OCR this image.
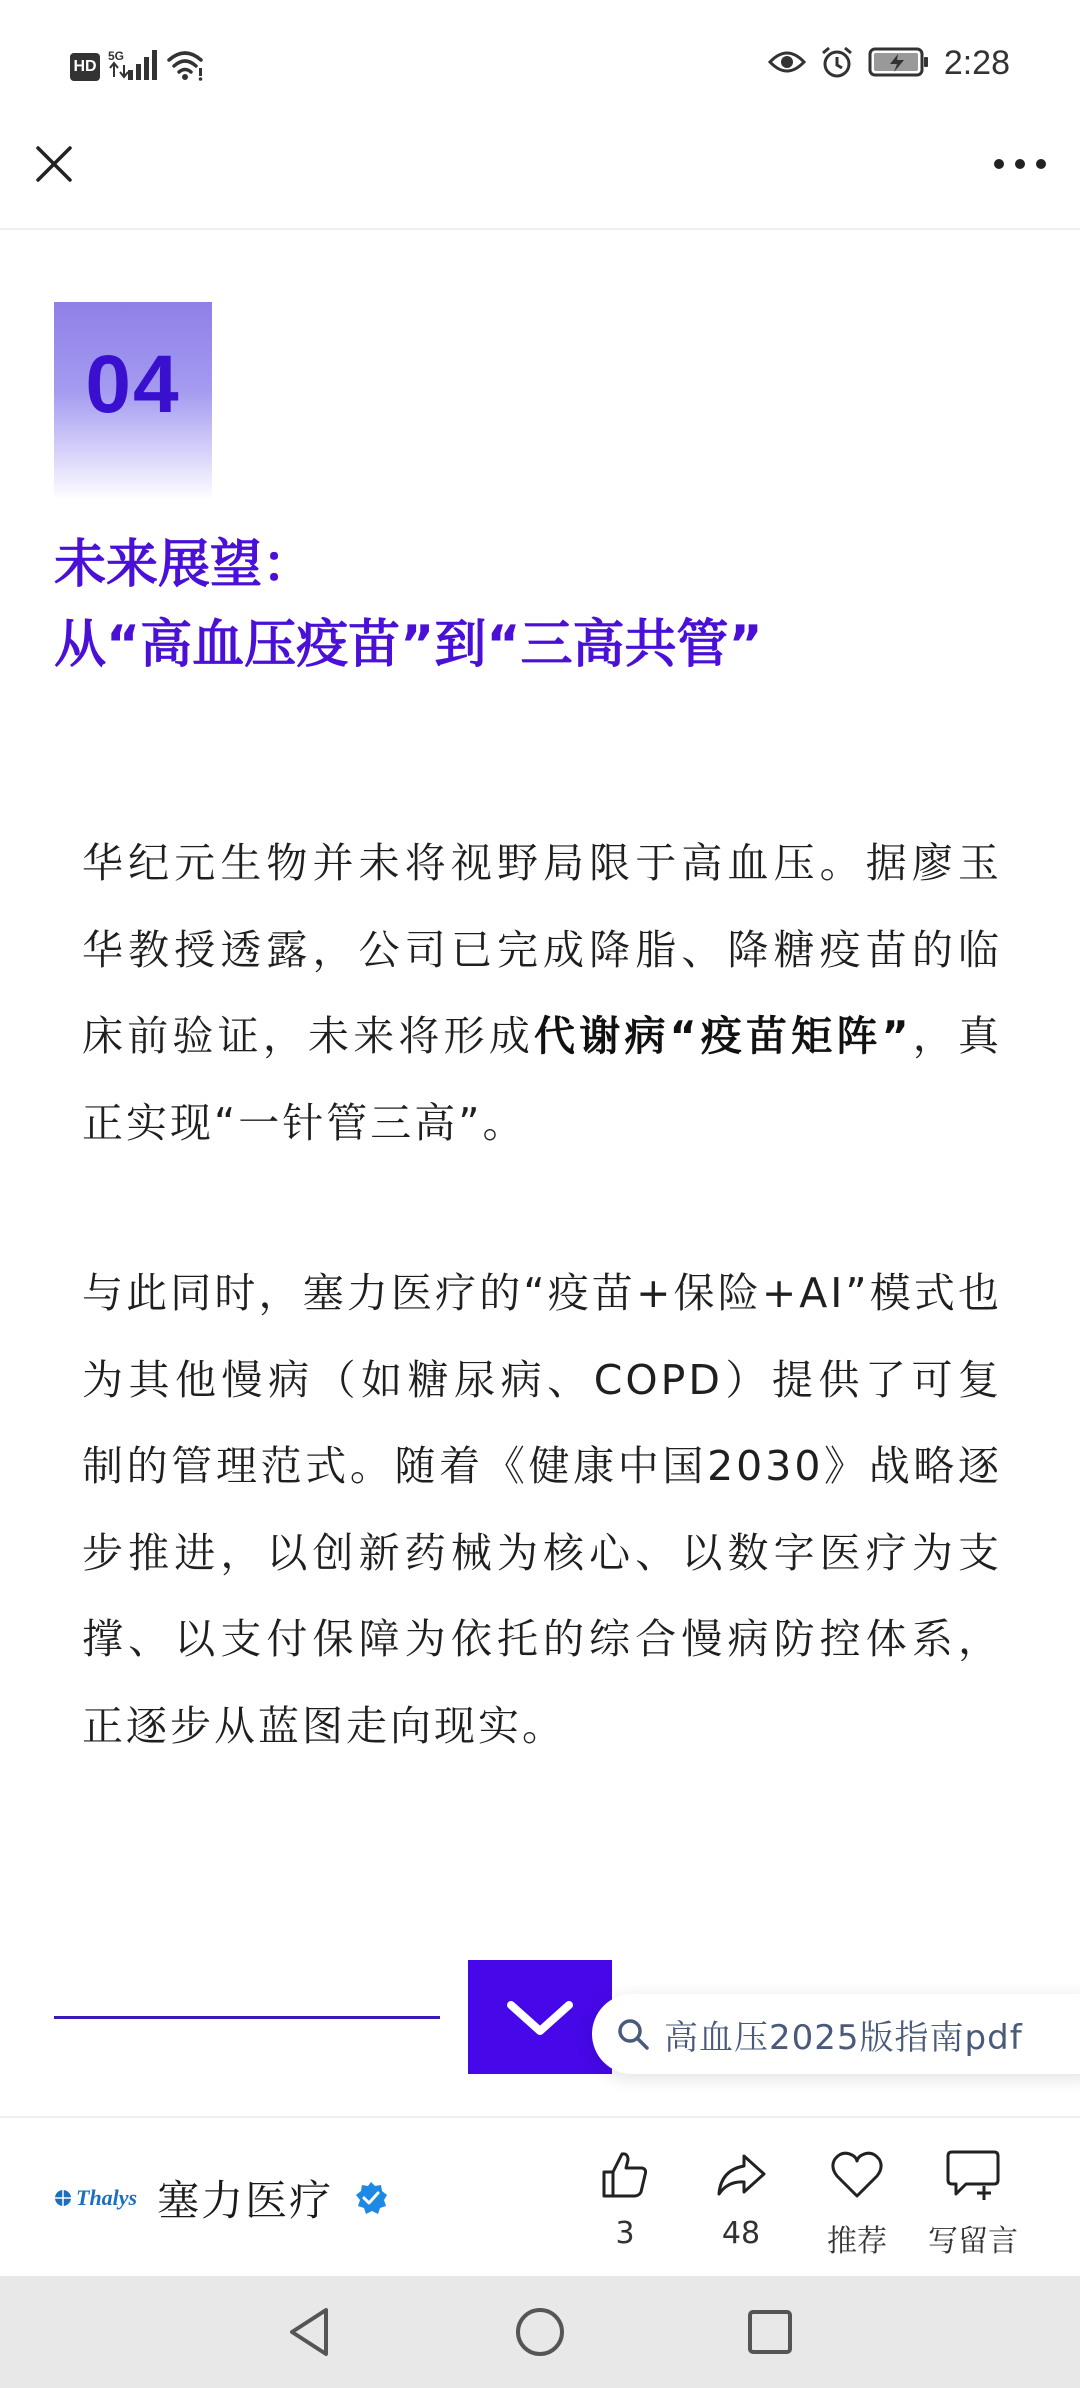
HD
5G	2:28
04
未来展望：
从“高血压疫苗”到“三高共管”
华纪元生物并未将视野局限于高血压。据廖玉华教授透露，公司已完成降脂、降糖疫苗的临床前验证，未来将形成代谢病“疫苗矩阵”，真正实现“一针管三高”。
与此同时，塞力医疗的“疫苗+保险+AI”模式也为其他慢病（如糖尿病、COPD）提供了可复制的管理范式。随着《健康中国2030》战略逐步推进，以创新药械为核心、以数字医疗为支撑、以支付保障为依托的综合慢病防控体系，正逐步从蓝图走向现实。
高血压2025版指南pdf
Thalys 塞力医疗
3	48 推荐 写留言
